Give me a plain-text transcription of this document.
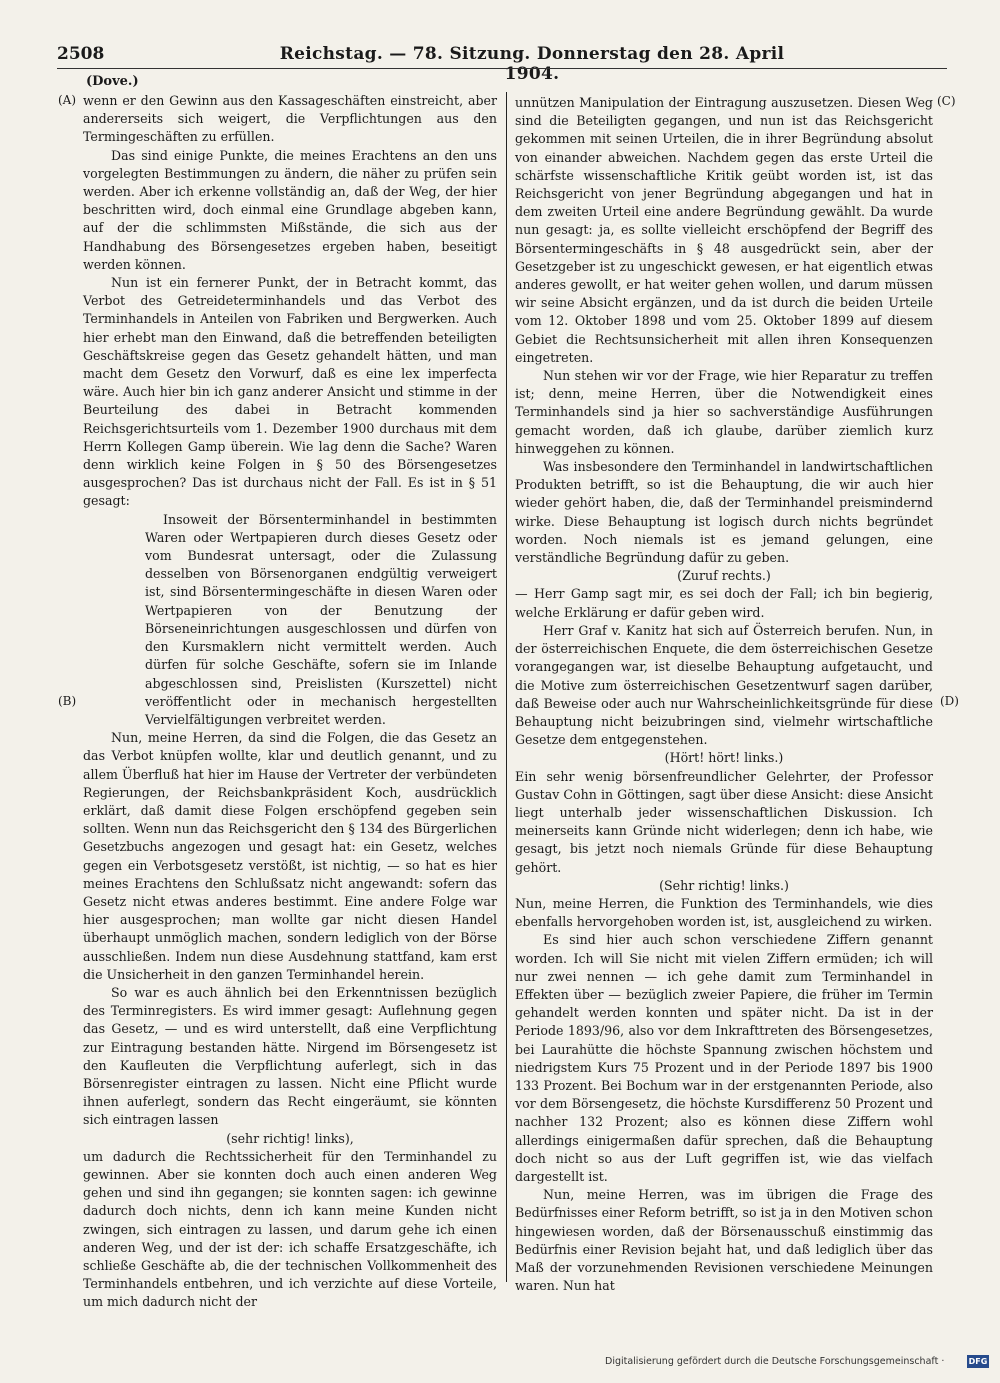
2508	Reichstag. — 78. Sitzung. Donnerstag den 28. April 1904.
(Dove.)
(A)
(B)
(C)
(D)

wenn er den Gewinn aus den Kassageschäften einstreicht, aber andererseits sich weigert, die Verpflichtungen aus den Termingeschäften zu erfüllen.

Das sind einige Punkte, die meines Erachtens an den uns vorgelegten Bestimmungen zu ändern, die näher zu prüfen sein werden. Aber ich erkenne vollständig an, daß der Weg, der hier beschritten wird, doch einmal eine Grundlage abgeben kann, auf der die schlimmsten Mißstände, die sich aus der Handhabung des Börsengesetzes ergeben haben, beseitigt werden können.

Nun ist ein fernerer Punkt, der in Betracht kommt, das Verbot des Getreideterminhandels und das Verbot des Terminhandels in Anteilen von Fabriken und Bergwerken. Auch hier erhebt man den Einwand, daß die betreffenden beteiligten Geschäftskreise gegen das Gesetz gehandelt hätten, und man macht dem Gesetz den Vorwurf, daß es eine lex imperfecta wäre. Auch hier bin ich ganz anderer Ansicht und stimme in der Beurteilung des dabei in Betracht kommenden Reichsgerichtsurteils vom 1. Dezember 1900 durchaus mit dem Herrn Kollegen Gamp überein. Wie lag denn die Sache? Waren denn wirklich keine Folgen in § 50 des Börsengesetzes ausgesprochen? Das ist durchaus nicht der Fall. Es ist in § 51 gesagt:

Insoweit der Börsenterminhandel in bestimmten Waren oder Wertpapieren durch dieses Gesetz oder vom Bundesrat untersagt, oder die Zulassung desselben von Börsenorganen endgültig verweigert ist, sind Börsentermingeschäfte in diesen Waren oder Wertpapieren von der Benutzung der Börseneinrichtungen ausgeschlossen und dürfen von den Kursmaklern nicht vermittelt werden. Auch dürfen für solche Geschäfte, sofern sie im Inlande abgeschlossen sind, Preislisten (Kurszettel) nicht veröffentlicht oder in mechanisch hergestellten Vervielfältigungen verbreitet werden.

Nun, meine Herren, da sind die Folgen, die das Gesetz an das Verbot knüpfen wollte, klar und deutlich genannt, und zu allem Überfluß hat hier im Hause der Vertreter der verbündeten Regierungen, der Reichsbankpräsident Koch, ausdrücklich erklärt, daß damit diese Folgen erschöpfend gegeben sein sollten. Wenn nun das Reichsgericht den § 134 des Bürgerlichen Gesetzbuchs angezogen und gesagt hat: ein Gesetz, welches gegen ein Verbotsgesetz verstößt, ist nichtig, — so hat es hier meines Erachtens den Schlußsatz nicht angewandt: sofern das Gesetz nicht etwas anderes bestimmt. Eine andere Folge war hier ausgesprochen; man wollte gar nicht diesen Handel überhaupt unmöglich machen, sondern lediglich von der Börse ausschließen. Indem nun diese Ausdehnung stattfand, kam erst die Unsicherheit in den ganzen Terminhandel herein.

So war es auch ähnlich bei den Erkenntnissen bezüglich des Terminregisters. Es wird immer gesagt: Auflehnung gegen das Gesetz, — und es wird unterstellt, daß eine Verpflichtung zur Eintragung bestanden hätte. Nirgend im Börsengesetz ist den Kaufleuten die Verpflichtung auferlegt, sich in das Börsenregister eintragen zu lassen. Nicht eine Pflicht wurde ihnen auferlegt, sondern das Recht eingeräumt, sie könnten sich eintragen lassen

(sehr richtig! links),

um dadurch die Rechtssicherheit für den Terminhandel zu gewinnen. Aber sie konnten doch auch einen anderen Weg gehen und sind ihn gegangen; sie konnten sagen: ich gewinne dadurch doch nichts, denn ich kann meine Kunden nicht zwingen, sich eintragen zu lassen, und darum gehe ich einen anderen Weg, und der ist der: ich schaffe Ersatzgeschäfte, ich schließe Geschäfte ab, die der technischen Vollkommenheit des Terminhandels entbehren, und ich verzichte auf diese Vorteile, um mich dadurch nicht der

unnützen Manipulation der Eintragung auszusetzen. Diesen Weg sind die Beteiligten gegangen, und nun ist das Reichsgericht gekommen mit seinen Urteilen, die in ihrer Begründung absolut von einander abweichen. Nachdem gegen das erste Urteil die schärfste wissenschaftliche Kritik geübt worden ist, ist das Reichsgericht von jener Begründung abgegangen und hat in dem zweiten Urteil eine andere Begründung gewählt. Da wurde nun gesagt: ja, es sollte vielleicht erschöpfend der Begriff des Börsentermingeschäfts in § 48 ausgedrückt sein, aber der Gesetzgeber ist zu ungeschickt gewesen, er hat eigentlich etwas anderes gewollt, er hat weiter gehen wollen, und darum müssen wir seine Absicht ergänzen, und da ist durch die beiden Urteile vom 12. Oktober 1898 und vom 25. Oktober 1899 auf diesem Gebiet die Rechtsunsicherheit mit allen ihren Konsequenzen eingetreten.

Nun stehen wir vor der Frage, wie hier Reparatur zu treffen ist; denn, meine Herren, über die Notwendigkeit eines Terminhandels sind ja hier so sachverständige Ausführungen gemacht worden, daß ich glaube, darüber ziemlich kurz hinweggehen zu können.

Was insbesondere den Terminhandel in landwirtschaftlichen Produkten betrifft, so ist die Behauptung, die wir auch hier wieder gehört haben, die, daß der Terminhandel preismindernd wirke. Diese Behauptung ist logisch durch nichts begründet worden. Noch niemals ist es jemand gelungen, eine verständliche Begründung dafür zu geben.

(Zuruf rechts.)

— Herr Gamp sagt mir, es sei doch der Fall; ich bin begierig, welche Erklärung er dafür geben wird.

Herr Graf v. Kanitz hat sich auf Österreich berufen. Nun, in der österreichischen Enquete, die dem österreichischen Gesetze vorangegangen war, ist dieselbe Behauptung aufgetaucht, und die Motive zum österreichischen Gesetzentwurf sagen darüber, daß Beweise oder auch nur Wahrscheinlichkeitsgründe für diese Behauptung nicht beizubringen sind, vielmehr wirtschaftliche Gesetze dem entgegenstehen.

(Hört! hört! links.)

Ein sehr wenig börsenfreundlicher Gelehrter, der Professor Gustav Cohn in Göttingen, sagt über diese Ansicht: diese Ansicht liegt unterhalb jeder wissenschaftlichen Diskussion. Ich meinerseits kann Gründe nicht widerlegen; denn ich habe, wie gesagt, bis jetzt noch niemals Gründe für diese Behauptung gehört.

(Sehr richtig! links.)

Nun, meine Herren, die Funktion des Terminhandels, wie dies ebenfalls hervorgehoben worden ist, ist, ausgleichend zu wirken.

Es sind hier auch schon verschiedene Ziffern genannt worden. Ich will Sie nicht mit vielen Ziffern ermüden; ich will nur zwei nennen — ich gehe damit zum Terminhandel in Effekten über — bezüglich zweier Papiere, die früher im Termin gehandelt werden konnten und später nicht. Da ist in der Periode 1893/96, also vor dem Inkrafttreten des Börsengesetzes, bei Laurahütte die höchste Spannung zwischen höchstem und niedrigstem Kurs 75 Prozent und in der Periode 1897 bis 1900 133 Prozent. Bei Bochum war in der erstgenannten Periode, also vor dem Börsengesetz, die höchste Kursdifferenz 50 Prozent und nachher 132 Prozent; also es können diese Ziffern wohl allerdings einigermaßen dafür sprechen, daß die Behauptung doch nicht so aus der Luft gegriffen ist, wie das vielfach dargestellt ist.

Nun, meine Herren, was im übrigen die Frage des Bedürfnisses einer Reform betrifft, so ist ja in den Motiven schon hingewiesen worden, daß der Börsenausschuß einstimmig das Bedürfnis einer Revision bejaht hat, und daß lediglich über das Maß der vorzunehmenden Revisionen verschiedene Meinungen waren. Nun hat

Digitalisierung gefördert durch die Deutsche Forschungsgemeinschaft ·	DFG
